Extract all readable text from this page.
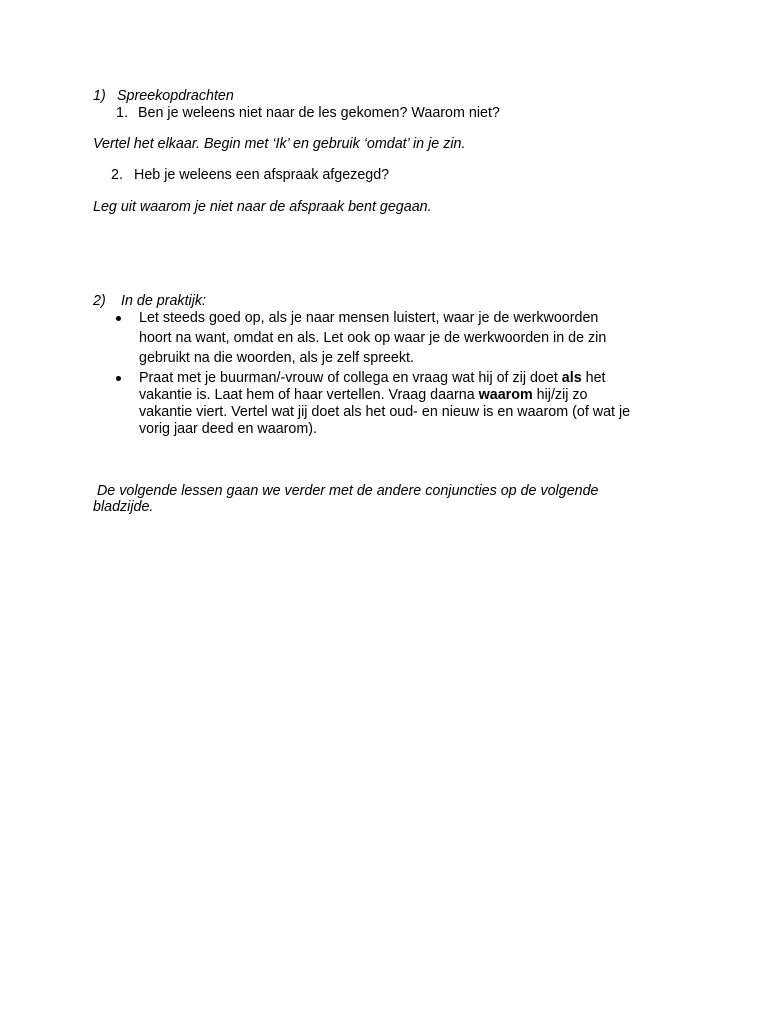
1) Spreekopdrachten
1. Ben je weleens niet naar de les gekomen? Waarom niet?
Vertel het elkaar. Begin met ‘Ik’ en gebruik ‘omdat’ in je zin.
2. Heb je weleens een afspraak afgezegd?
Leg uit waarom je niet naar de afspraak bent gegaan.
2) In de praktijk:
Let steeds goed op, als je naar mensen luistert, waar je de werkwoorden
hoort na want, omdat en als. Let ook op waar je de werkwoorden in de zin
gebruikt na die woorden, als je zelf spreekt.
Praat met je buurman/-vrouw of collega en vraag wat hij of zij doet als het
vakantie is. Laat hem of haar vertellen. Vraag daarna waarom hij/zij zo
vakantie viert. Vertel wat jij doet als het oud- en nieuw is en waarom (of wat je
vorig jaar deed en waarom).
De volgende lessen gaan we verder met de andere conjuncties op de volgende
bladzijde.
